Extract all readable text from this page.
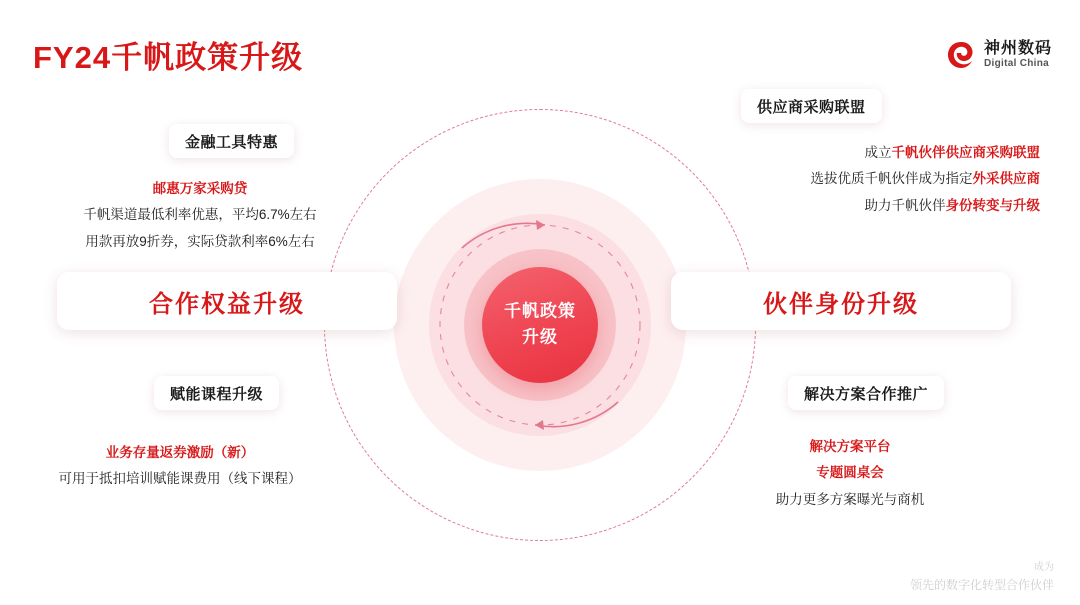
FY24千帆政策升级	神州数码
Digital China
千帆政策
升级
合作权益升级	伙伴身份升级
金融工具特惠
赋能课程升级
供应商采购联盟
解决方案合作推广
邮惠万家采购贷
千帆渠道最低利率优惠，平均6.7%左右
用款再放9折券，实际贷款利率6%左右
业务存量返券激励（新）
可用于抵扣培训赋能课费用（线下课程）
成立千帆伙伴供应商采购联盟
选拔优质千帆伙伴成为指定外采供应商
助力千帆伙伴身份转变与升级
解决方案平台
专题圆桌会
助力更多方案曝光与商机
成为
领先的数字化转型合作伙伴
